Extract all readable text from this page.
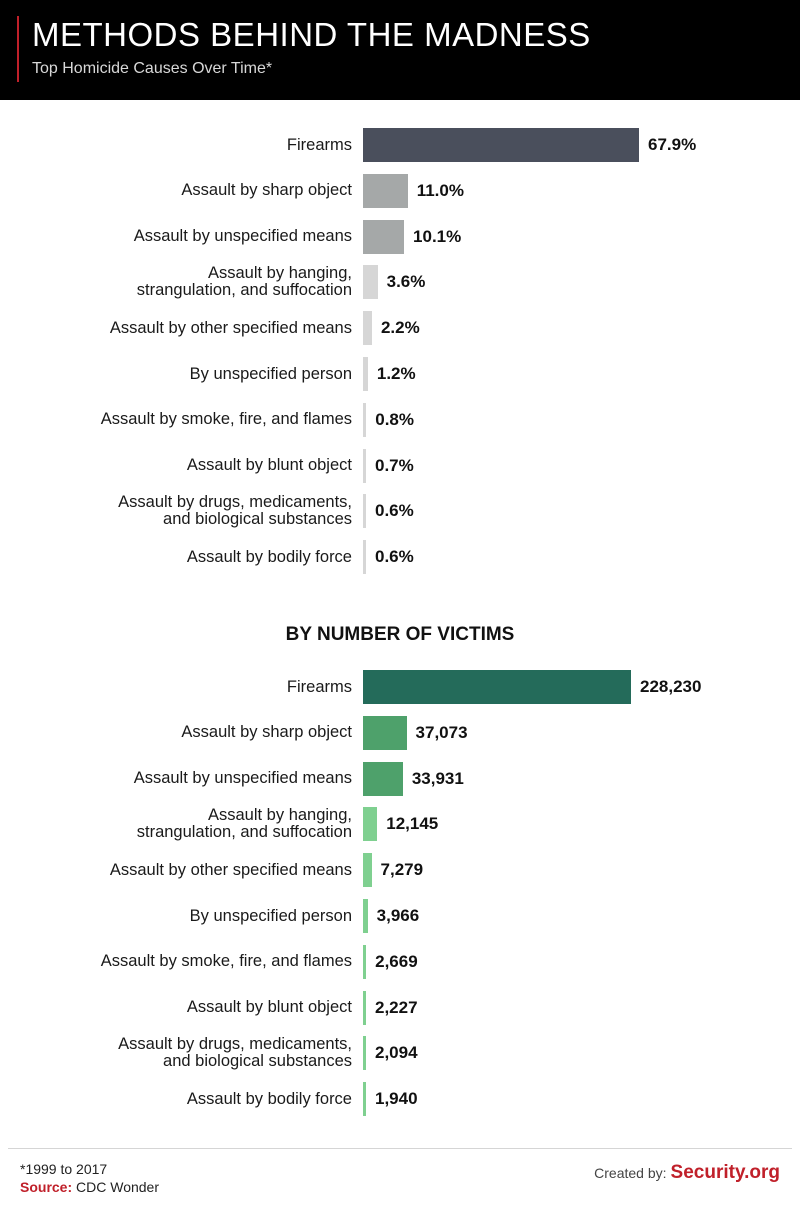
METHODS BEHIND THE MADNESS
Top Homicide Causes Over Time*
Firearms	67.9%
Assault by sharp object	11.0%
Assault by unspecified means	10.1%
Assault by hanging,
strangulation, and suffocation 3.6%
Assault by other specified means 2.2%
By unspecified person 1.2%
Assault by smoke, fire, and flames 0.8%
Assault by blunt object 0.7%
Assault by drugs, medicaments,
and biological substances 0.6%
Assault by bodily force 0.6%
BY NUMBER OF VICTIMS
Firearms	228,230
Assault by sharp object	37,073
Assault by unspecified means	33,931
Assault by hanging,
strangulation, and suffocation 12,145
Assault by other specified means 7,279
By unspecified person 3,966
Assault by smoke, fire, and flames 2,669
Assault by blunt object 2,227
Assault by drugs, medicaments,
and biological substances 2,094
Assault by bodily force 1,940
*1999 to 2017
Source: CDC Wonder
Created by: Security.org
